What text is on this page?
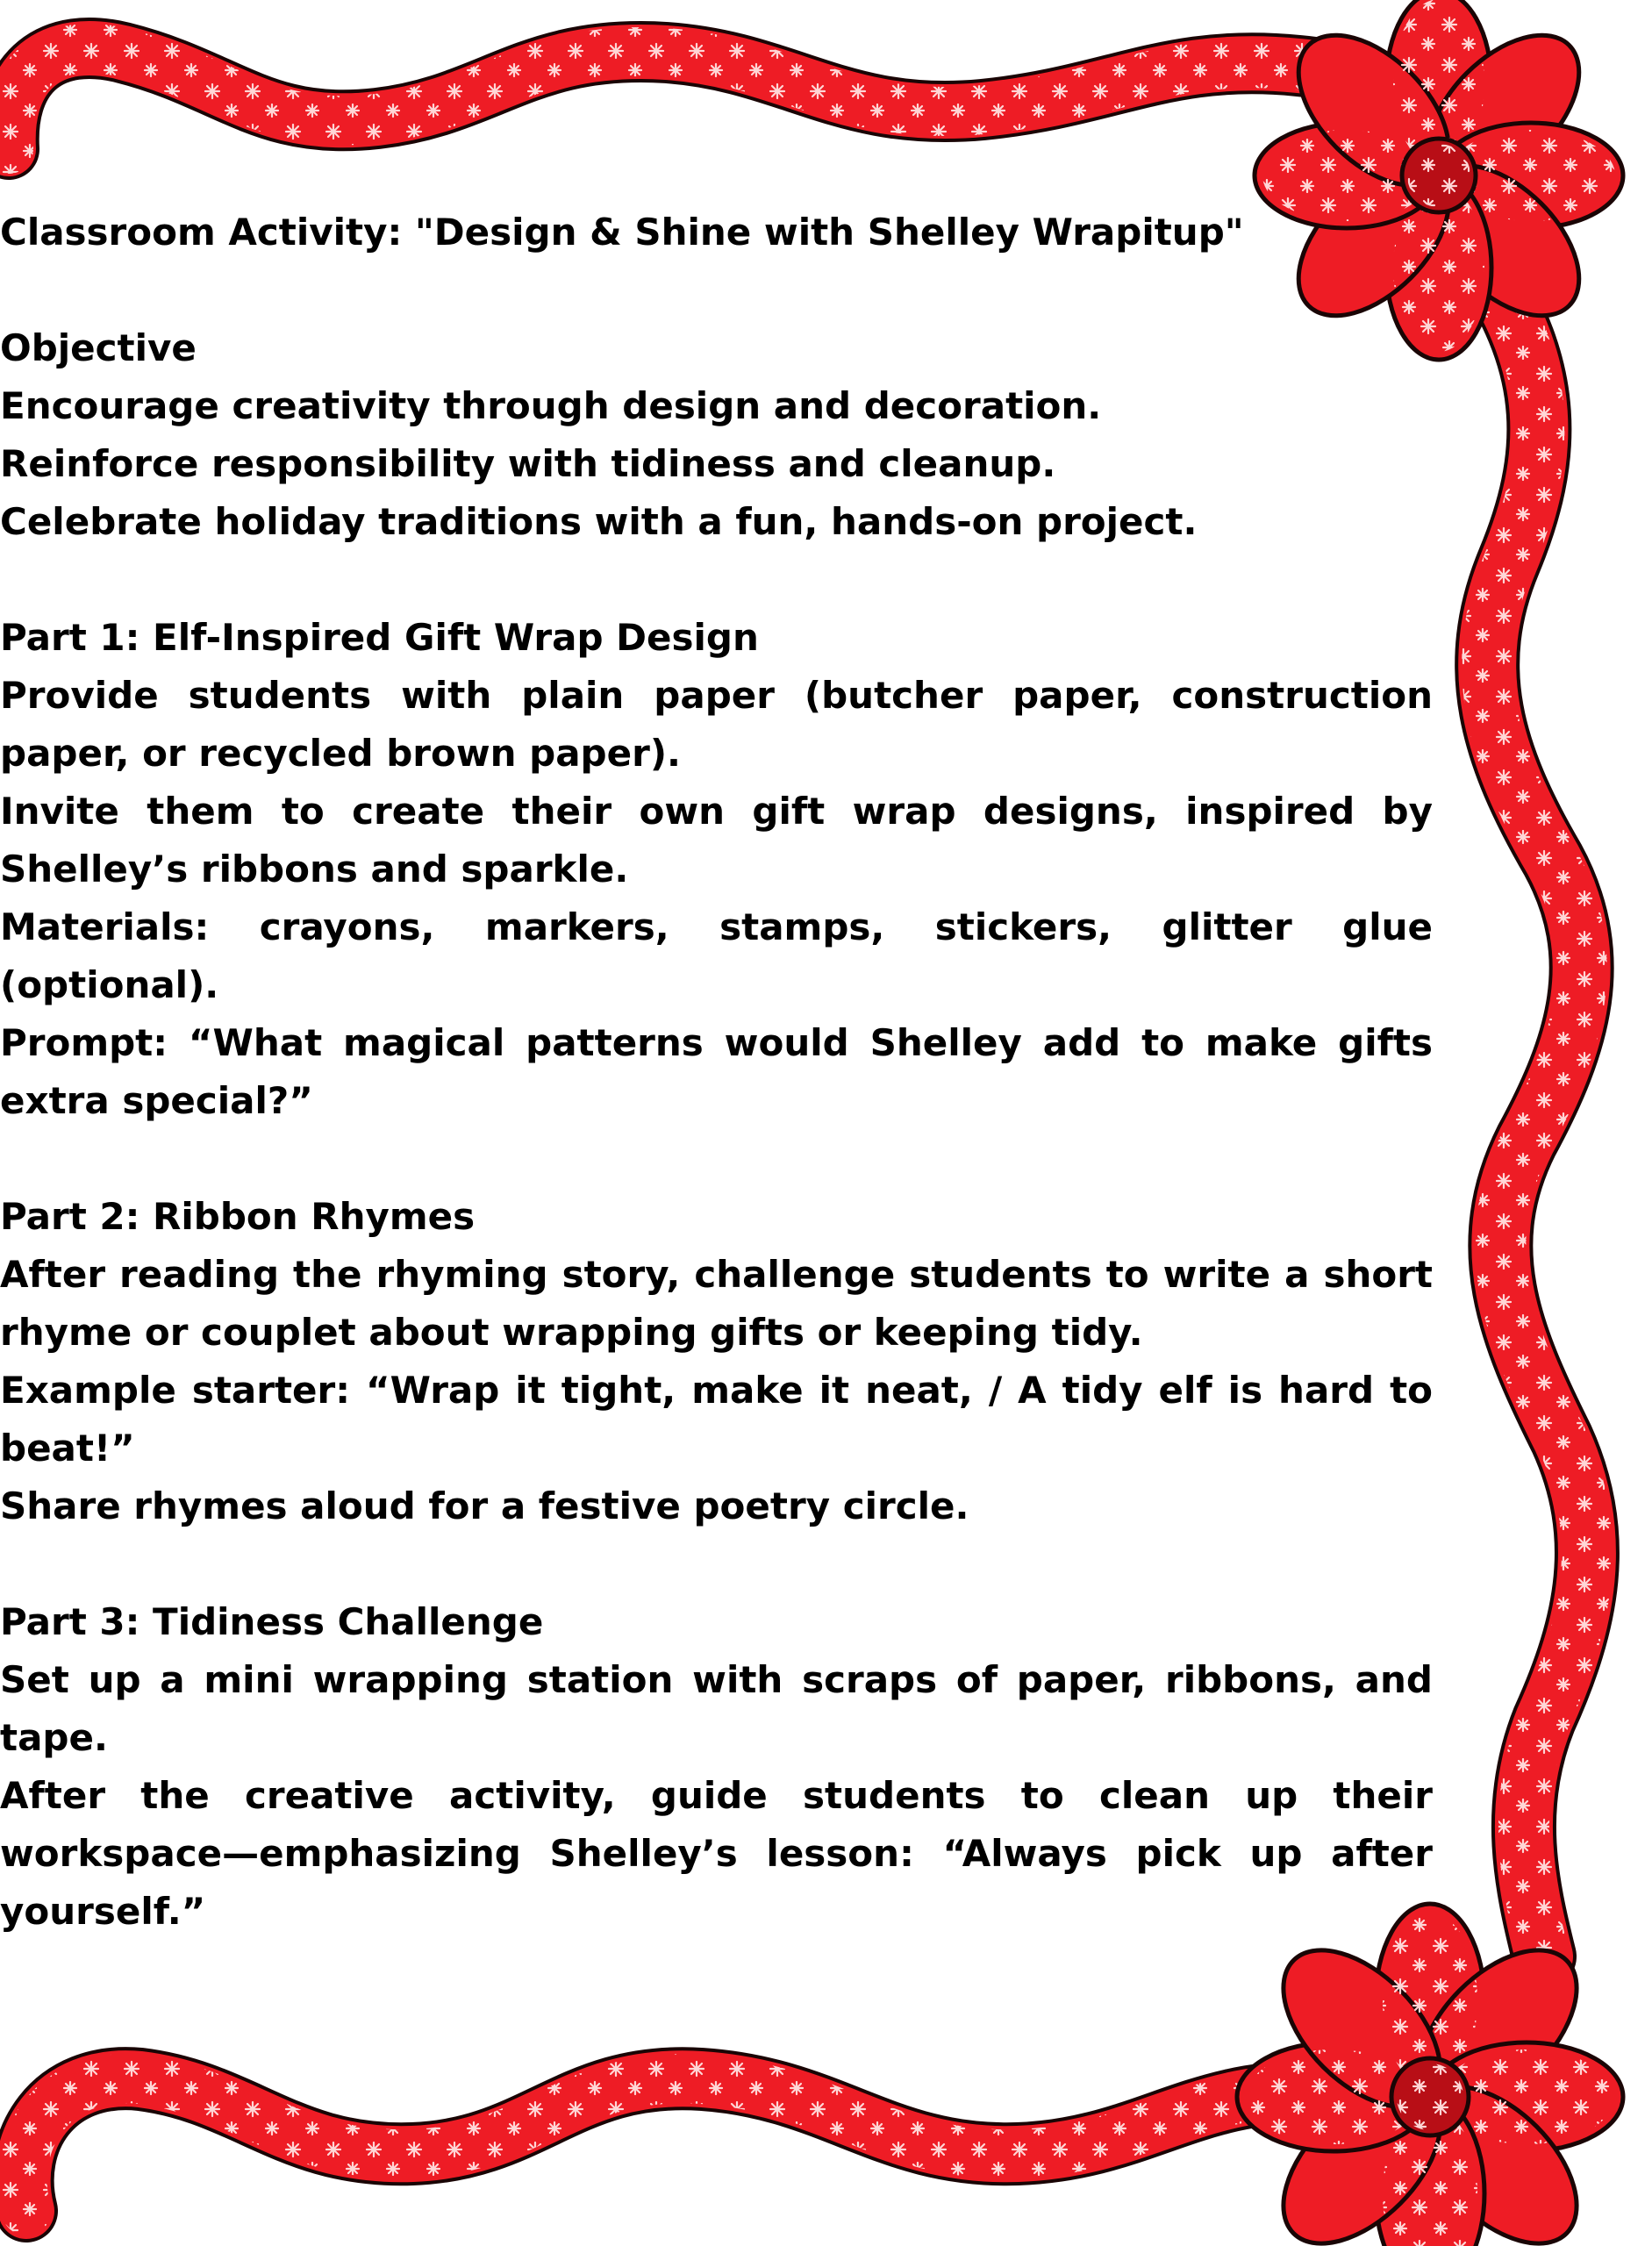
Classroom Activity: "Design & Shine with Shelley Wrapitup"

Objective

Encourage creativity through design and decoration.

Reinforce responsibility with tidiness and cleanup.

Celebrate holiday traditions with a fun, hands-on project.

Part 1: Elf-Inspired Gift Wrap Design

Provide students with plain paper (butcher paper, construction paper, or recycled brown paper).

Invite them to create their own gift wrap designs, inspired by Shelley’s ribbons and sparkle.

Materials: crayons, markers, stamps, stickers, glitter glue (optional).

Prompt: “What magical patterns would Shelley add to make gifts extra special?”

Part 2: Ribbon Rhymes

After reading the rhyming story, challenge students to write a short rhyme or couplet about wrapping gifts or keeping tidy.

Example starter: “Wrap it tight, make it neat, / A tidy elf is hard to beat!”

Share rhymes aloud for a festive poetry circle.

Part 3: Tidiness Challenge

Set up a mini wrapping station with scraps of paper, ribbons, and tape.

After the creative activity, guide students to clean up their workspace—emphasizing Shelley’s lesson: “Always pick up after yourself.”
